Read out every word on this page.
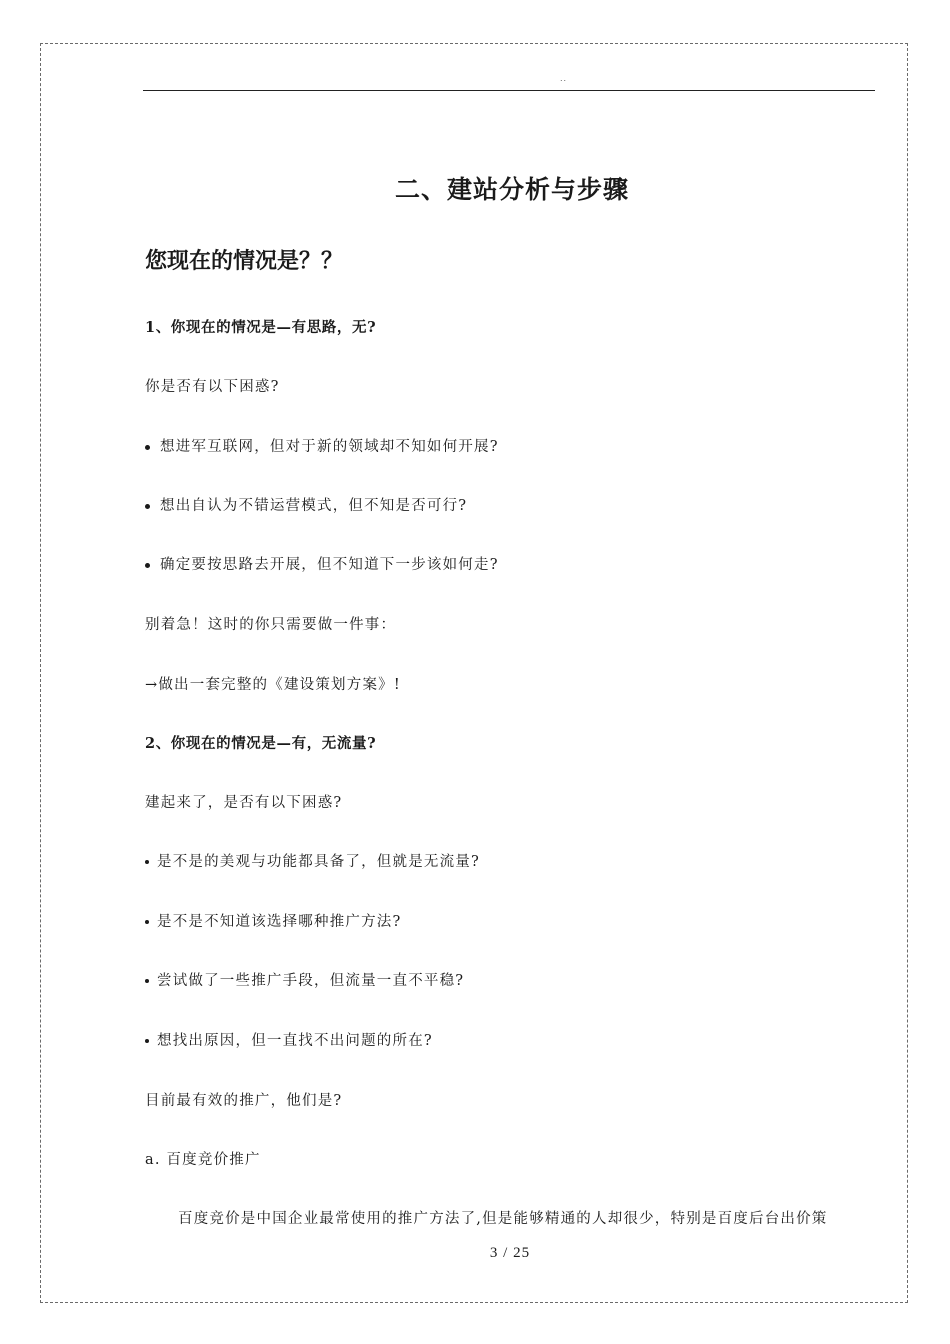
..
二、建站分析与步骤
您现在的情况是？？
1、你现在的情况是—有思路，无?
你是否有以下困惑?
想进军互联网，但对于新的领域却不知如何开展?
想出自认为不错运营模式，但不知是否可行?
确定要按思路去开展，但不知道下一步该如何走?
别着急！这时的你只需要做一件事：
→做出一套完整的《建设策划方案》!
2、你现在的情况是—有，无流量?
建起来了，是否有以下困惑?
是不是的美观与功能都具备了，但就是无流量?
是不是不知道该选择哪种推广方法?
尝试做了一些推广手段，但流量一直不平稳?
想找出原因，但一直找不出问题的所在?
目前最有效的推广，他们是?
a. 百度竞价推广
百度竞价是中国企业最常使用的推广方法了,但是能够精通的人却很少，特别是百度后台出价策
3 / 25
